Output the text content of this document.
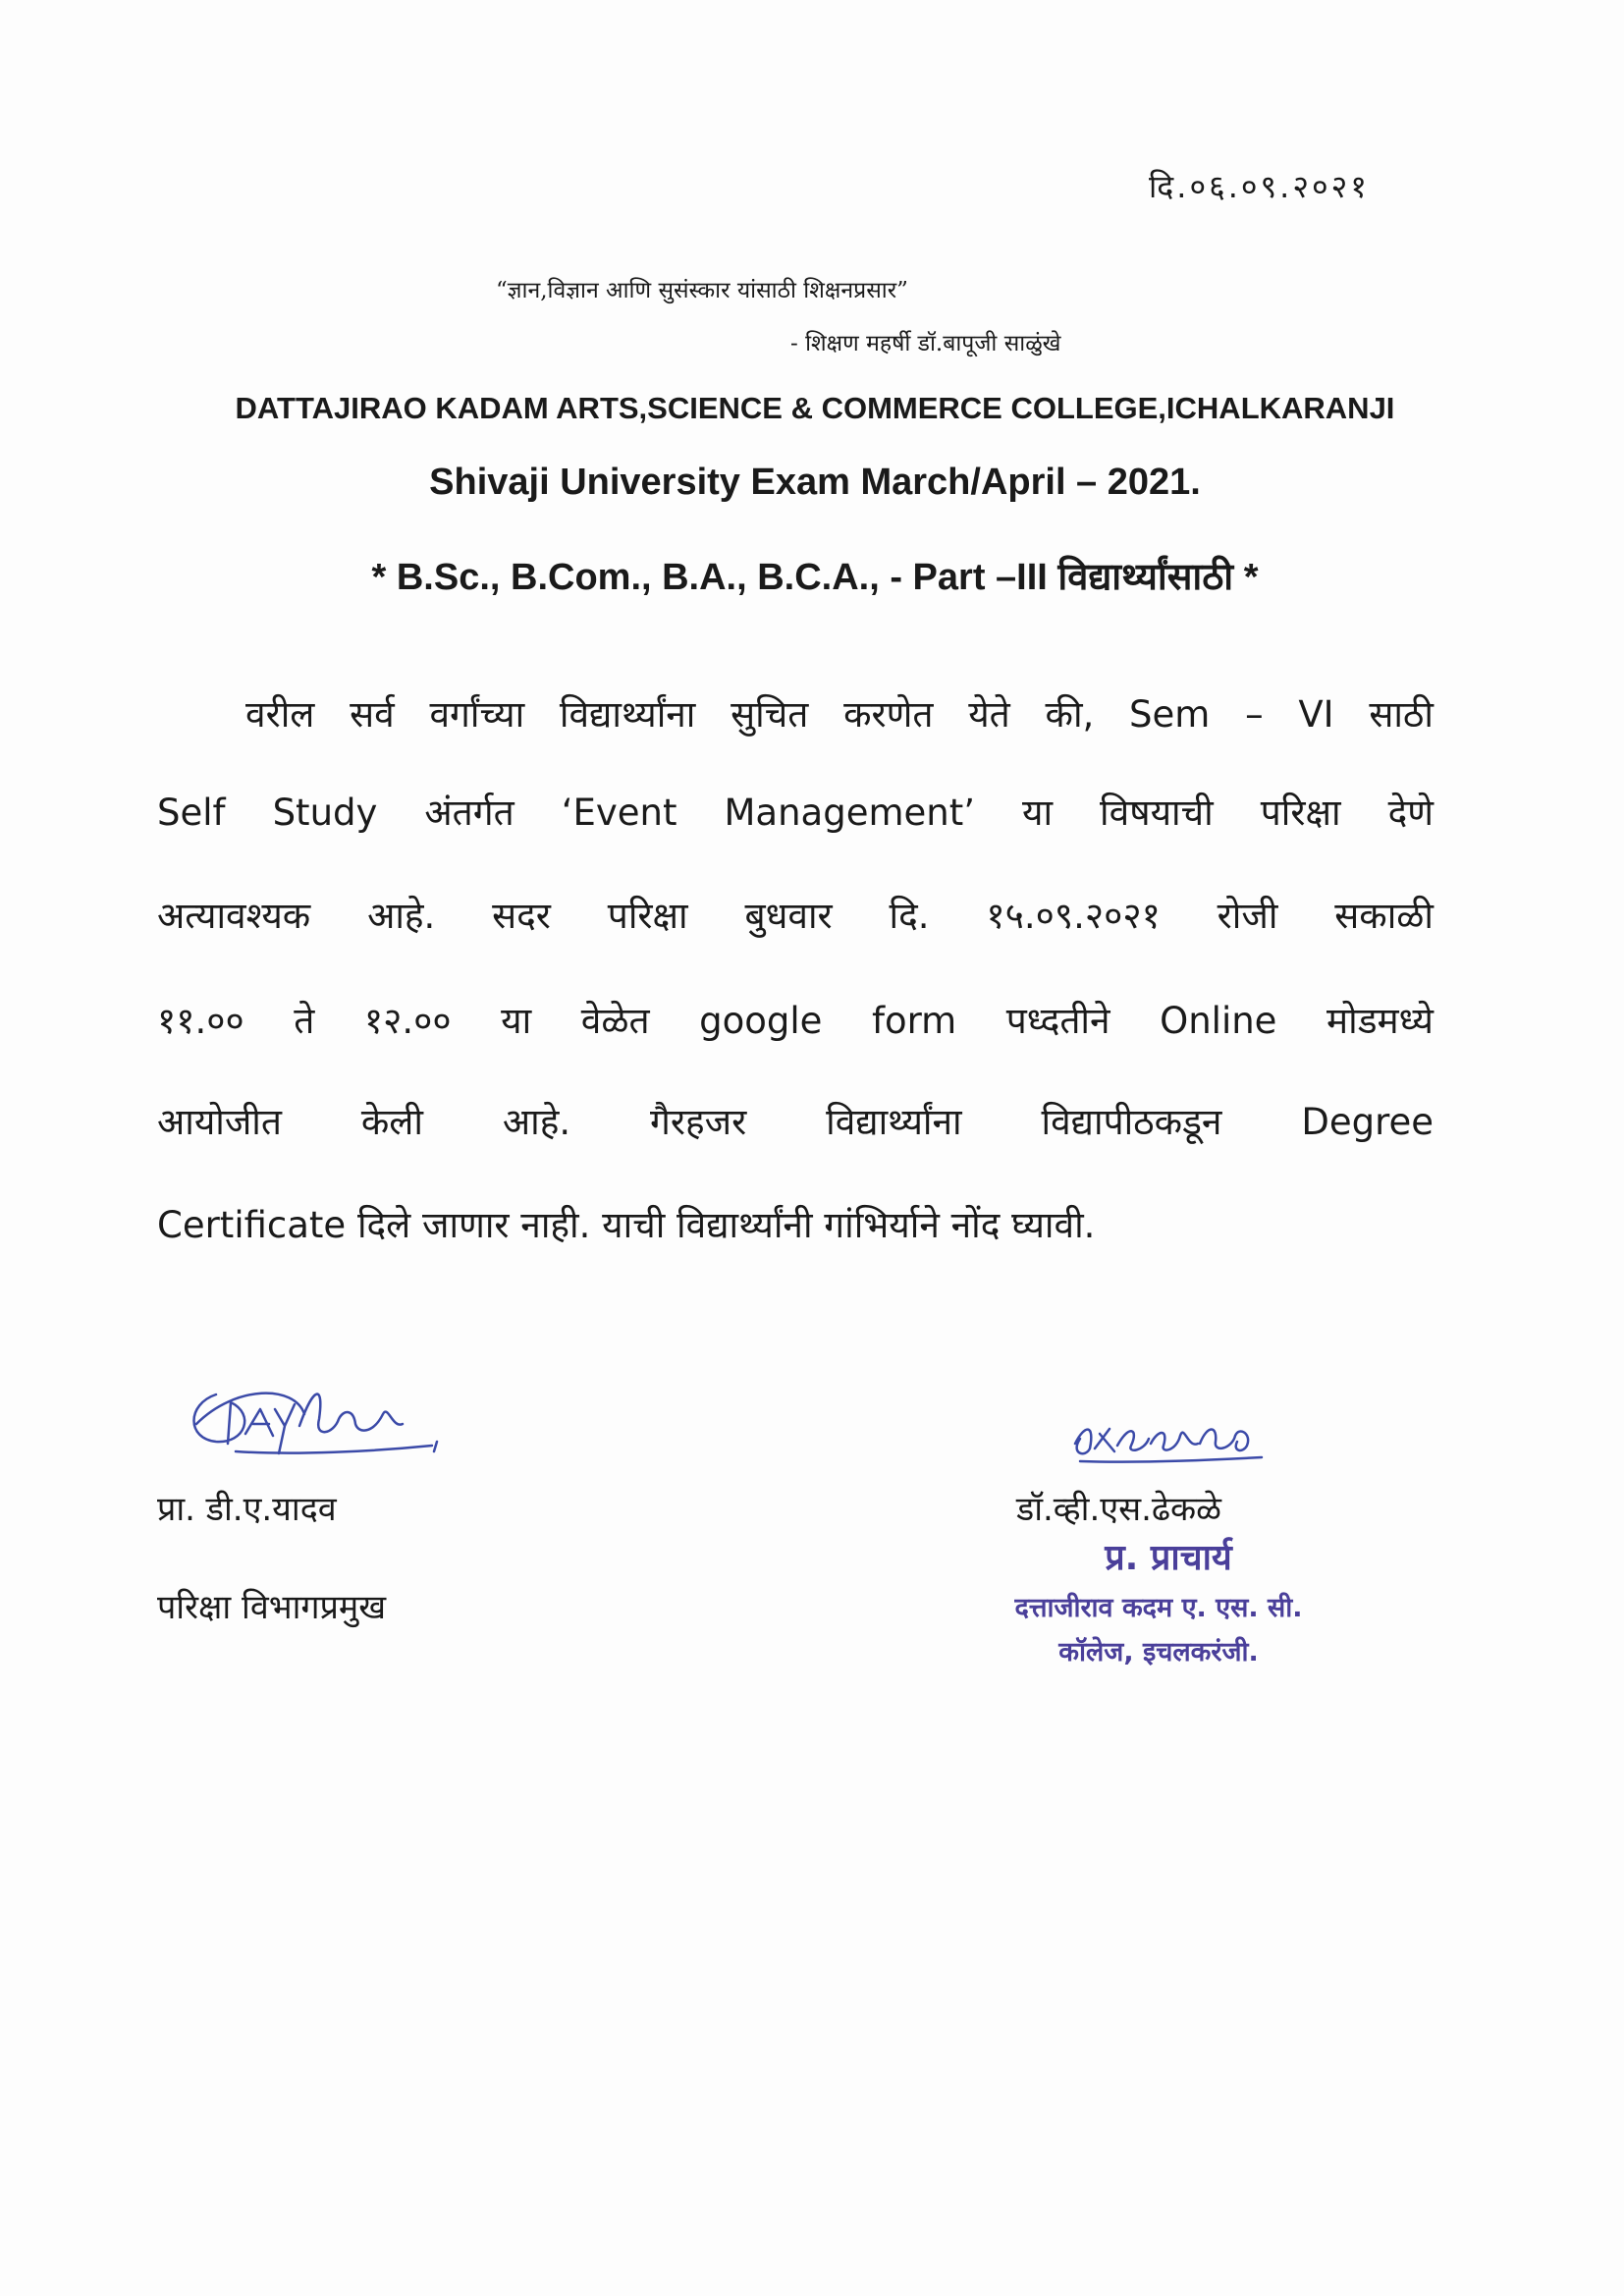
दि.०६.०९.२०२१
“ज्ञान,विज्ञान आणि सुसंस्कार यांसाठी शिक्षनप्रसार”
- शिक्षण महर्षी डॉ.बापूजी साळुंखे
DATTAJIRAO KADAM ARTS,SCIENCE & COMMERCE COLLEGE,ICHALKARANJI
Shivaji University Exam March/April – 2021.
* B.Sc., B.Com., B.A., B.C.A., - Part –III विद्यार्थ्यांसाठी *
वरील सर्व वर्गांच्या विद्यार्थ्यांना सुचित करणेत येते की, Sem – VI साठी
Self Study अंतर्गत ‘Event Management’ या विषयाची परिक्षा देणे
अत्यावश्यक आहे. सदर परिक्षा बुधवार दि. १५.०९.२०२१ रोजी सकाळी
११.०० ते १२.०० या वेळेत google form पध्दतीने Online मोडमध्ये
आयोजीत केली आहे. गैरहजर विद्यार्थ्यांना विद्यापीठकडून Degree
Certificate दिले जाणार नाही. याची विद्यार्थ्यांनी गांभिर्याने नोंद घ्यावी.
प्रा. डी.ए.यादव
परिक्षा विभागप्रमुख
डॉ.व्ही.एस.ढेकळे
प्र. प्राचार्य
दत्ताजीराव कदम ए. एस. सी.
कॉलेज, इचलकरंजी.
